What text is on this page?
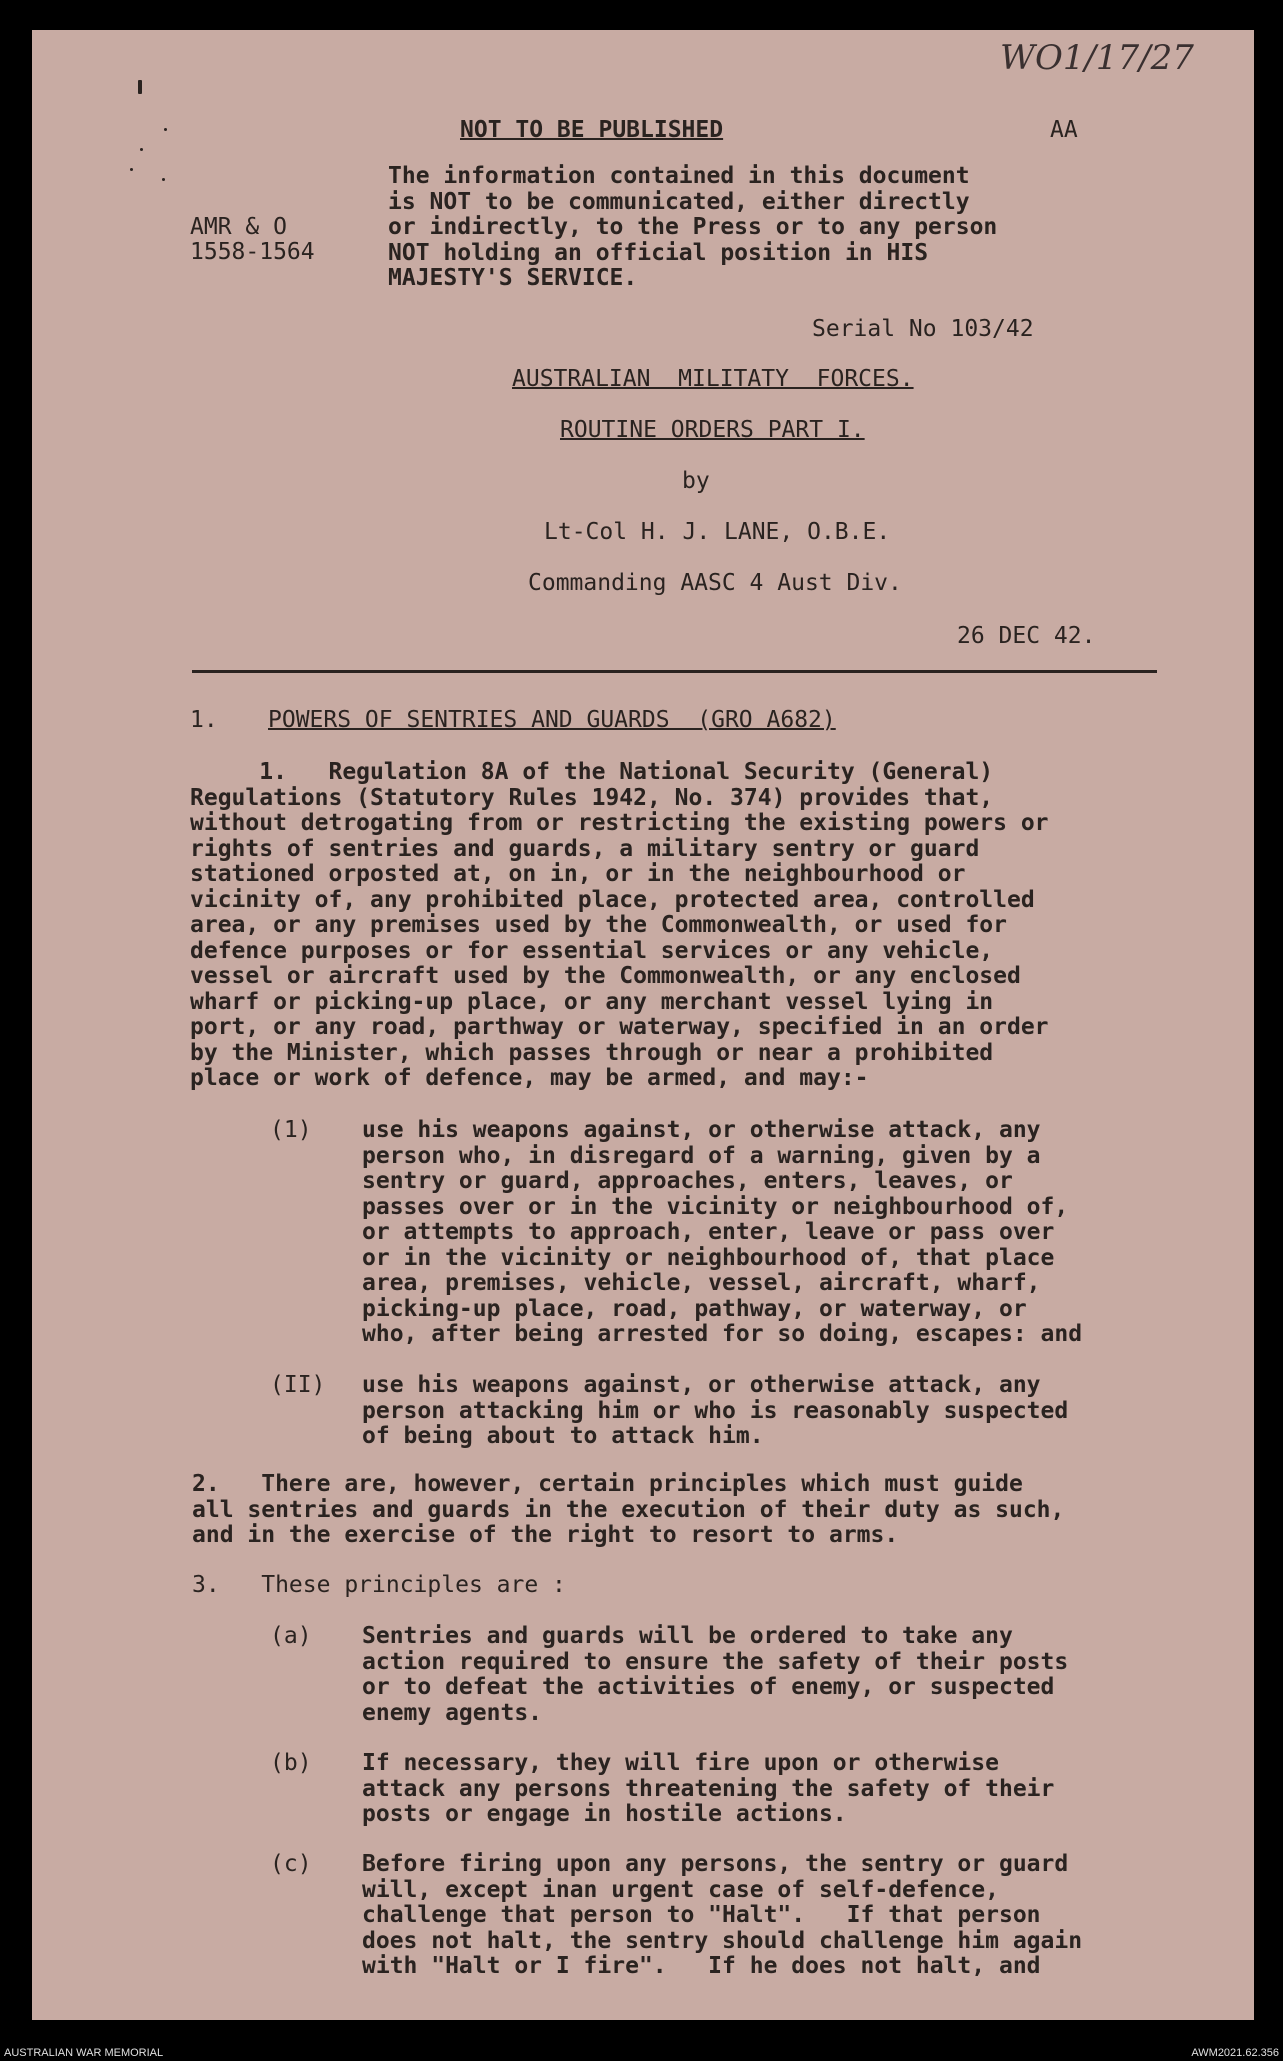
WO1/17/27
NOT TO BE PUBLISHED	AA
AMR & O
1558-1564
The information contained in this document
is NOT to be communicated, either directly
or indirectly, to the Press or to any person
NOT holding an official position in HIS
MAJESTY'S SERVICE.
Serial No 103/42
AUSTRALIAN  MILITATY  FORCES.
ROUTINE ORDERS PART I.
by
Lt-Col H. J. LANE, O.B.E.
Commanding AASC 4 Aust Div.
26 DEC 42.
1. POWERS OF SENTRIES AND GUARDS  (GRO A682)
1.   Regulation 8A of the National Security (General)
Regulations (Statutory Rules 1942, No. 374) provides that,
without detrogating from or restricting the existing powers or
rights of sentries and guards, a military sentry or guard
stationed orposted at, on in, or in the neighbourhood or
vicinity of, any prohibited place, protected area, controlled
area, or any premises used by the Commonwealth, or used for
defence purposes or for essential services or any vehicle,
vessel or aircraft used by the Commonwealth, or any enclosed
wharf or picking-up place, or any merchant vessel lying in
port, or any road, parthway or waterway, specified in an order
by the Minister, which passes through or near a prohibited
place or work of defence, may be armed, and may:-
(1) use his weapons against, or otherwise attack, any
person who, in disregard of a warning, given by a
sentry or guard, approaches, enters, leaves, or
passes over or in the vicinity or neighbourhood of,
or attempts to approach, enter, leave or pass over
or in the vicinity or neighbourhood of, that place
area, premises, vehicle, vessel, aircraft, wharf,
picking-up place, road, pathway, or waterway, or
who, after being arrested for so doing, escapes: and
(II) use his weapons against, or otherwise attack, any
person attacking him or who is reasonably suspected
of being about to attack him.
2.   There are, however, certain principles which must guide
all sentries and guards in the execution of their duty as such,
and in the exercise of the right to resort to arms.
3.   These principles are :
(a) Sentries and guards will be ordered to take any
action required to ensure the safety of their posts
or to defeat the activities of enemy, or suspected
enemy agents.
(b) If necessary, they will fire upon or otherwise
attack any persons threatening the safety of their
posts or engage in hostile actions.
(c) Before firing upon any persons, the sentry or guard
will, except inan urgent case of self-defence,
challenge that person to "Halt".   If that person
does not halt, the sentry should challenge him again
with "Halt or I fire".   If he does not halt, and
AUSTRALIAN WAR MEMORIAL	AWM2021.62.356
